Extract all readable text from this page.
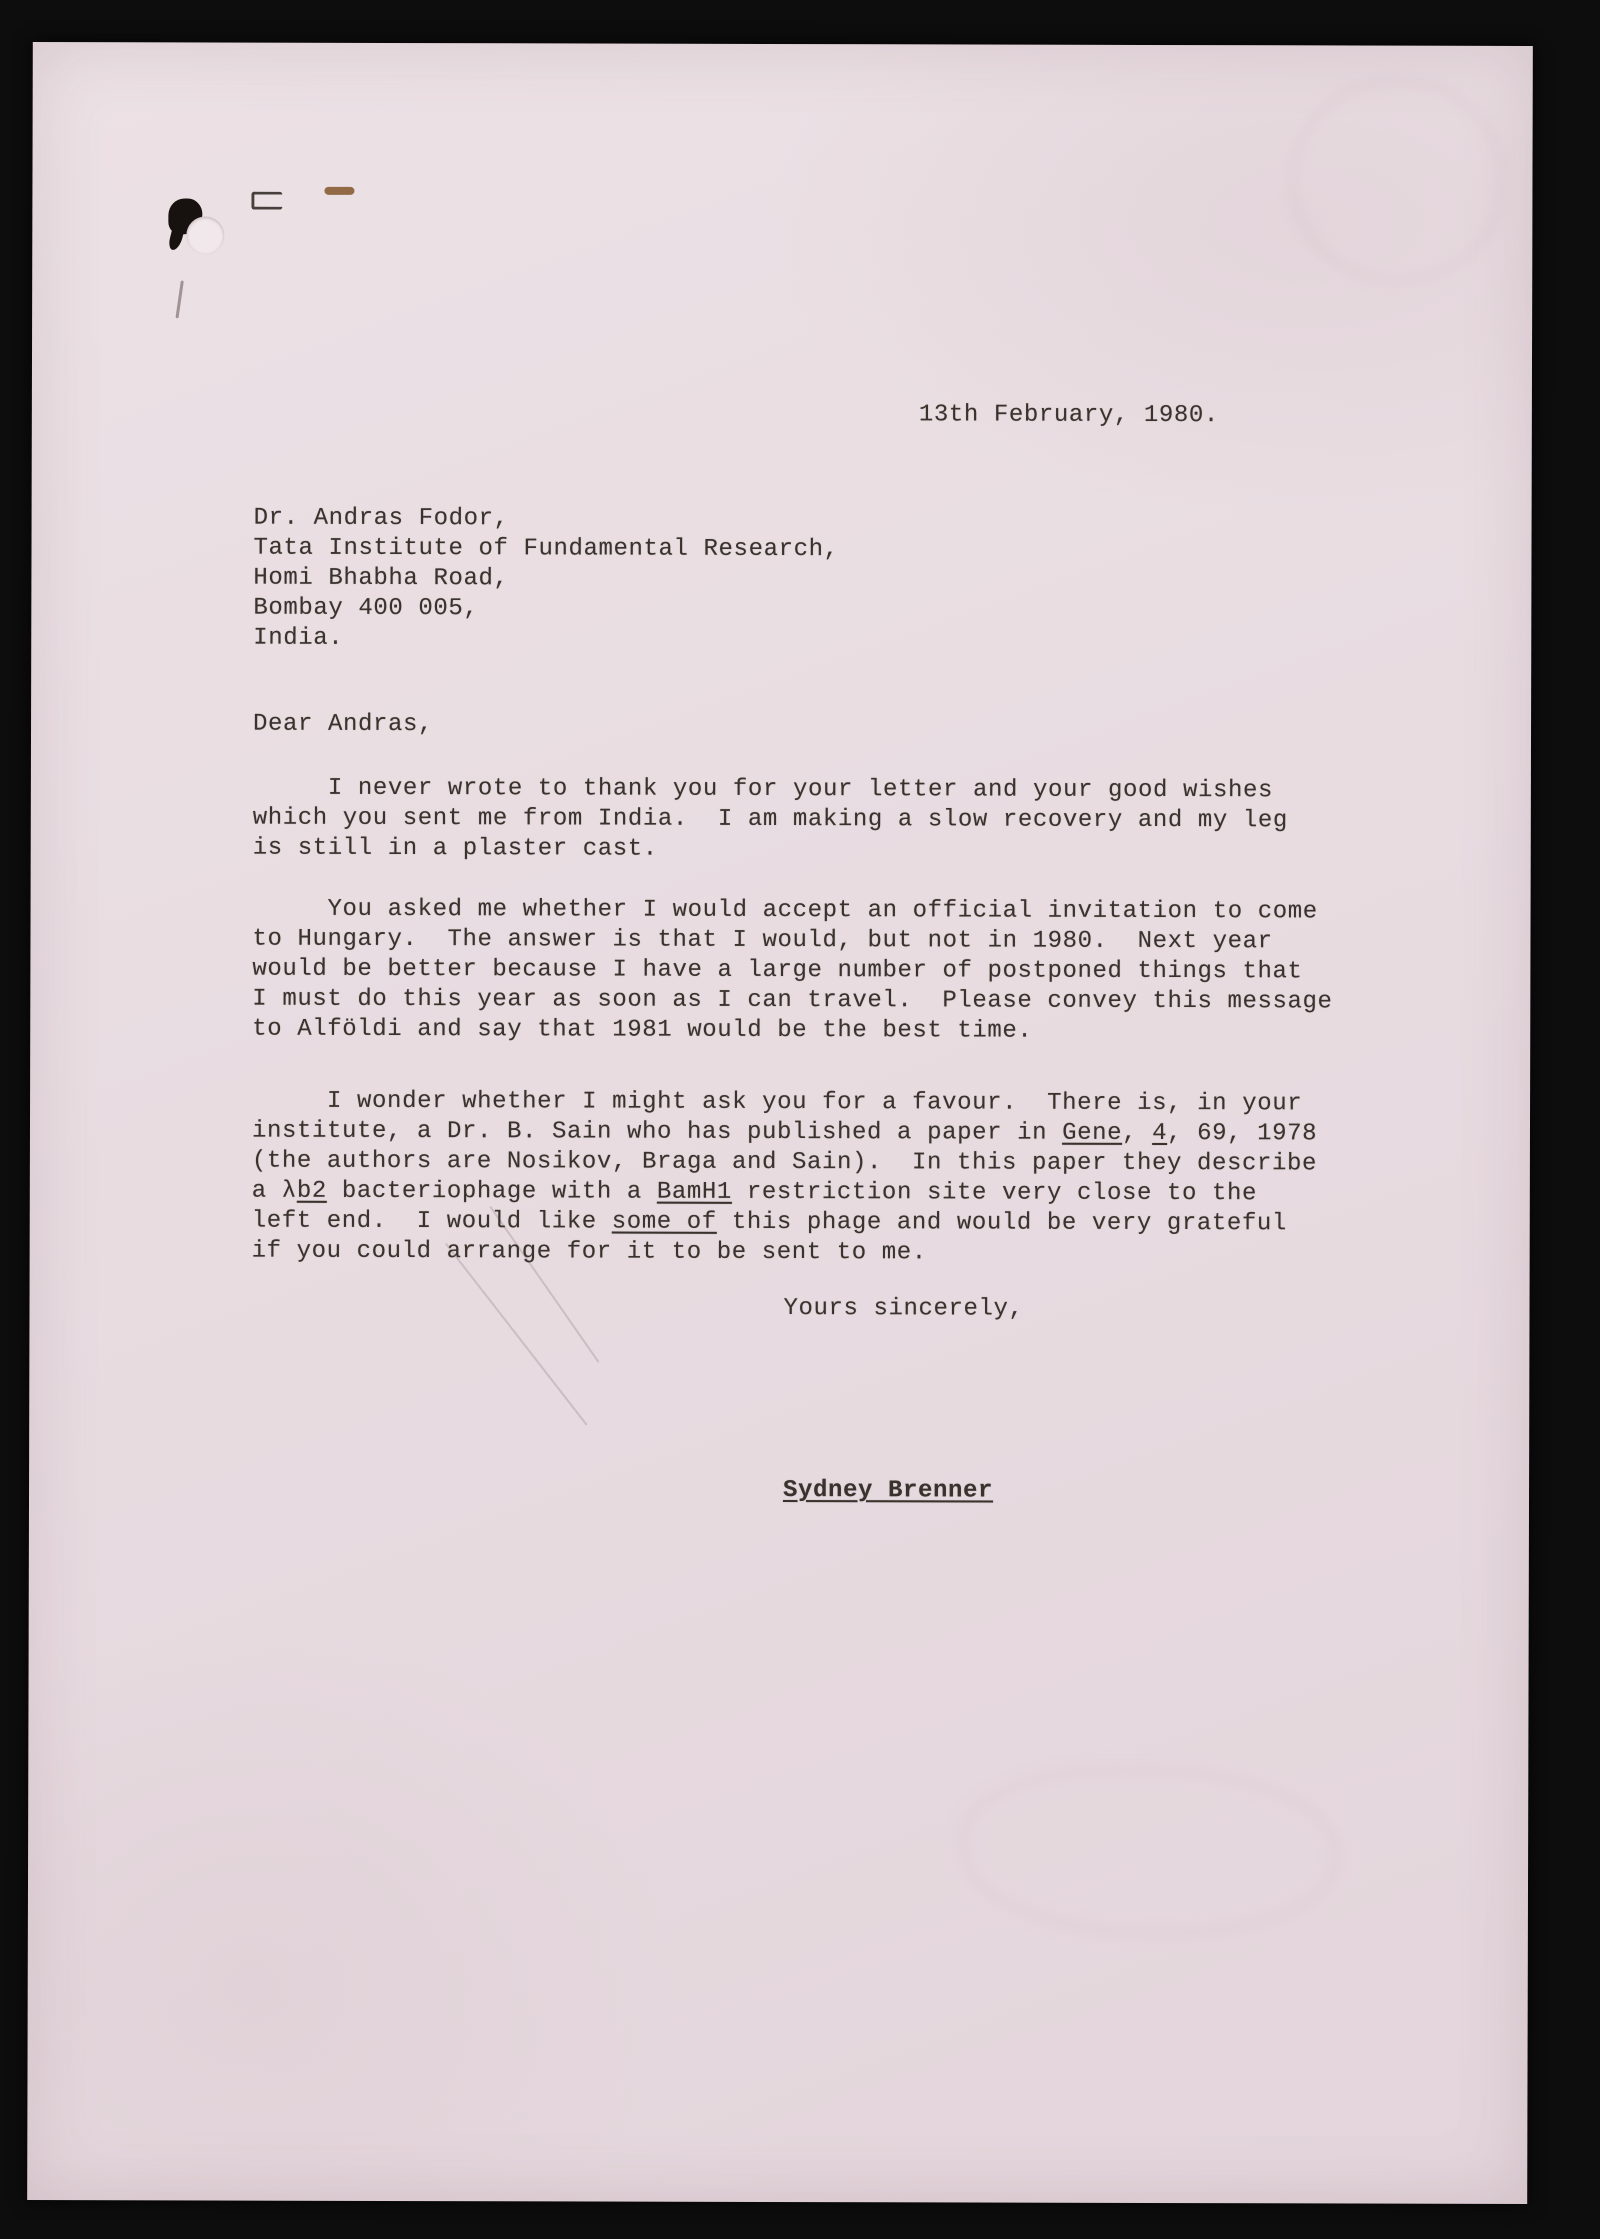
13th February, 1980.
Dr. Andras Fodor,
Tata Institute of Fundamental Research,
Homi Bhabha Road,
Bombay 400 005,
India.
Dear Andras,
I never wrote to thank you for your letter and your good wishes
which you sent me from India.  I am making a slow recovery and my leg
is still in a plaster cast.
You asked me whether I would accept an official invitation to come
to Hungary.  The answer is that I would, but not in 1980.  Next year
would be better because I have a large number of postponed things that
I must do this year as soon as I can travel.  Please convey this message
to Alföldi and say that 1981 would be the best time.
I wonder whether I might ask you for a favour.  There is, in your
institute, a Dr. B. Sain who has published a paper in Gene, 4, 69, 1978
(the authors are Nosikov, Braga and Sain).  In this paper they describe
a λb2 bacteriophage with a BamH1 restriction site very close to the
left end.  I would like some of this phage and would be very grateful
if you could arrange for it to be sent to me.
Yours sincerely,
Sydney Brenner
